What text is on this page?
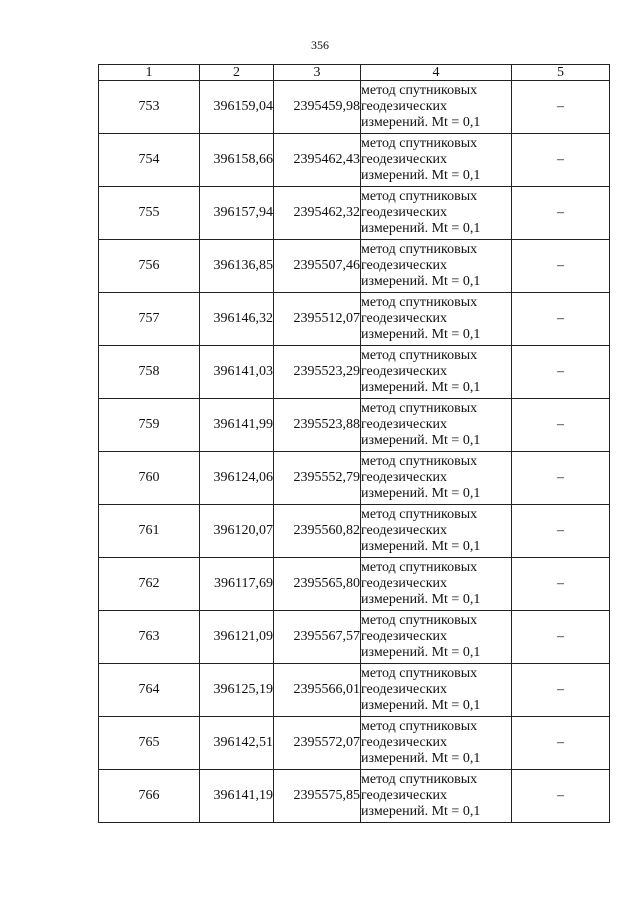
356
1	2	3	4	5
753	396159,04	2395459,98	метод спутниковых
геодезических
измерений. Mt = 0,1	–
754	396158,66	2395462,43	метод спутниковых
геодезических
измерений. Mt = 0,1	–
755	396157,94	2395462,32	метод спутниковых
геодезических
измерений. Mt = 0,1	–
756	396136,85	2395507,46	метод спутниковых
геодезических
измерений. Mt = 0,1	–
757	396146,32	2395512,07	метод спутниковых
геодезических
измерений. Mt = 0,1	–
758	396141,03	2395523,29	метод спутниковых
геодезических
измерений. Mt = 0,1	–
759	396141,99	2395523,88	метод спутниковых
геодезических
измерений. Mt = 0,1	–
760	396124,06	2395552,79	метод спутниковых
геодезических
измерений. Mt = 0,1	–
761	396120,07	2395560,82	метод спутниковых
геодезических
измерений. Mt = 0,1	–
762	396117,69	2395565,80	метод спутниковых
геодезических
измерений. Mt = 0,1	–
763	396121,09	2395567,57	метод спутниковых
геодезических
измерений. Mt = 0,1	–
764	396125,19	2395566,01	метод спутниковых
геодезических
измерений. Mt = 0,1	–
765	396142,51	2395572,07	метод спутниковых
геодезических
измерений. Mt = 0,1	–
766	396141,19	2395575,85	метод спутниковых
геодезических
измерений. Mt = 0,1	–
